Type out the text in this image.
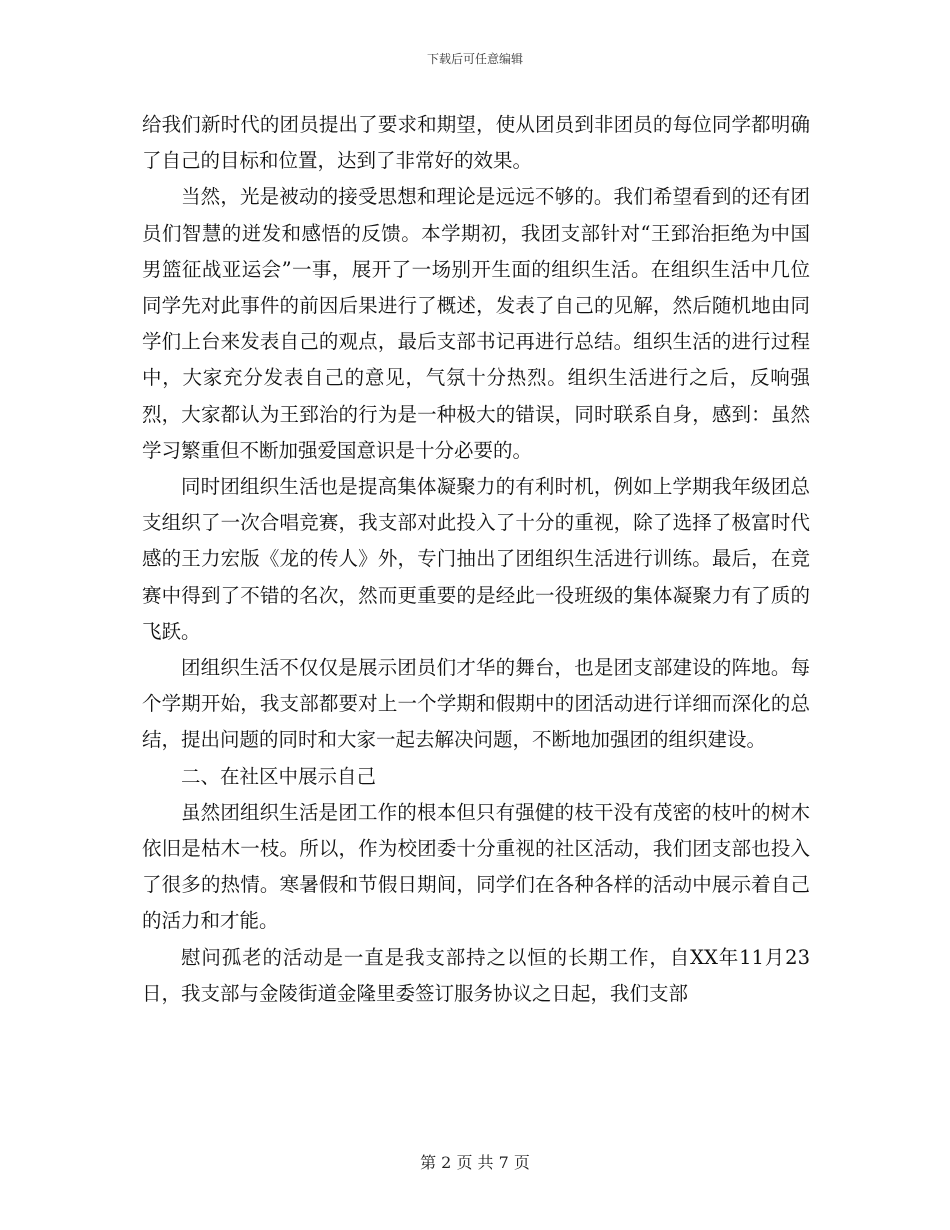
下载后可任意编辑

给我们新时代的团员提出了要求和期望，使从团员到非团员的每位同学都明确了自己的目标和位置，达到了非常好的效果。

当然，光是被动的接受思想和理论是远远不够的。我们希望看到的还有团员们智慧的迸发和感悟的反馈。本学期初，我团支部针对“王郅治拒绝为中国男篮征战亚运会”一事，展开了一场别开生面的组织生活。在组织生活中几位同学先对此事件的前因后果进行了概述，发表了自己的见解，然后随机地由同学们上台来发表自己的观点，最后支部书记再进行总结。组织生活的进行过程中，大家充分发表自己的意见，气氛十分热烈。组织生活进行之后，反响强烈，大家都认为王郅治的行为是一种极大的错误，同时联系自身，感到：虽然学习繁重但不断加强爱国意识是十分必要的。

同时团组织生活也是提高集体凝聚力的有利时机，例如上学期我年级团总支组织了一次合唱竞赛，我支部对此投入了十分的重视，除了选择了极富时代感的王力宏版《龙的传人》外，专门抽出了团组织生活进行训练。最后，在竞赛中得到了不错的名次，然而更重要的是经此一役班级的集体凝聚力有了质的飞跃。

团组织生活不仅仅是展示团员们才华的舞台，也是团支部建设的阵地。每个学期开始，我支部都要对上一个学期和假期中的团活动进行详细而深化的总结，提出问题的同时和大家一起去解决问题，不断地加强团的组织建设。

二、在社区中展示自己

虽然团组织生活是团工作的根本但只有强健的枝干没有茂密的枝叶的树木依旧是枯木一枝。所以，作为校团委十分重视的社区活动，我们团支部也投入了很多的热情。寒暑假和节假日期间，同学们在各种各样的活动中展示着自己的活力和才能。

慰问孤老的活动是一直是我支部持之以恒的长期工作，自XX年11月23日，我支部与金陵街道金隆里委签订服务协议之日起，我们支部

第 2 页 共 7 页
